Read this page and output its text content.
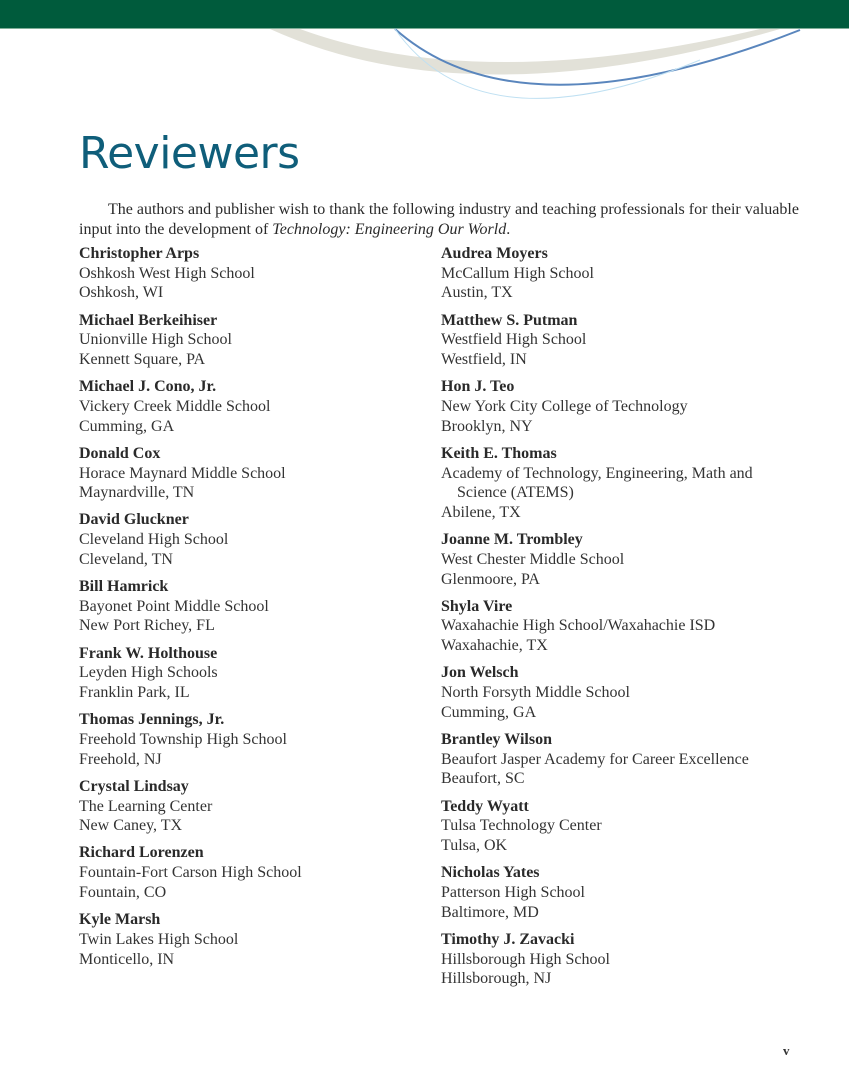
Reviewers

The authors and publisher wish to thank the following industry and teaching professionals for their valuable input into the development of Technology: Engineering Our World.

Christopher Arps
Oshkosh West High School
Oshkosh, WI
Michael Berkeihiser
Unionville High School
Kennett Square, PA
Michael J. Cono, Jr.
Vickery Creek Middle School
Cumming, GA
Donald Cox
Horace Maynard Middle School
Maynardville, TN
David Gluckner
Cleveland High School
Cleveland, TN
Bill Hamrick
Bayonet Point Middle School
New Port Richey, FL
Frank W. Holthouse
Leyden High Schools
Franklin Park, IL
Thomas Jennings, Jr.
Freehold Township High School
Freehold, NJ
Crystal Lindsay
The Learning Center
New Caney, TX
Richard Lorenzen
Fountain-Fort Carson High School
Fountain, CO
Kyle Marsh
Twin Lakes High School
Monticello, IN
Audrea Moyers
McCallum High School
Austin, TX
Matthew S. Putman
Westfield High School
Westfield, IN
Hon J. Teo
New York City College of Technology
Brooklyn, NY
Keith E. Thomas
Academy of Technology, Engineering, Math and
Science (ATEMS)
Abilene, TX
Joanne M. Trombley
West Chester Middle School
Glenmoore, PA
Shyla Vire
Waxahachie High School/Waxahachie ISD
Waxahachie, TX
Jon Welsch
North Forsyth Middle School
Cumming, GA
Brantley Wilson
Beaufort Jasper Academy for Career Excellence
Beaufort, SC
Teddy Wyatt
Tulsa Technology Center
Tulsa, OK
Nicholas Yates
Patterson High School
Baltimore, MD
Timothy J. Zavacki
Hillsborough High School
Hillsborough, NJ
v
